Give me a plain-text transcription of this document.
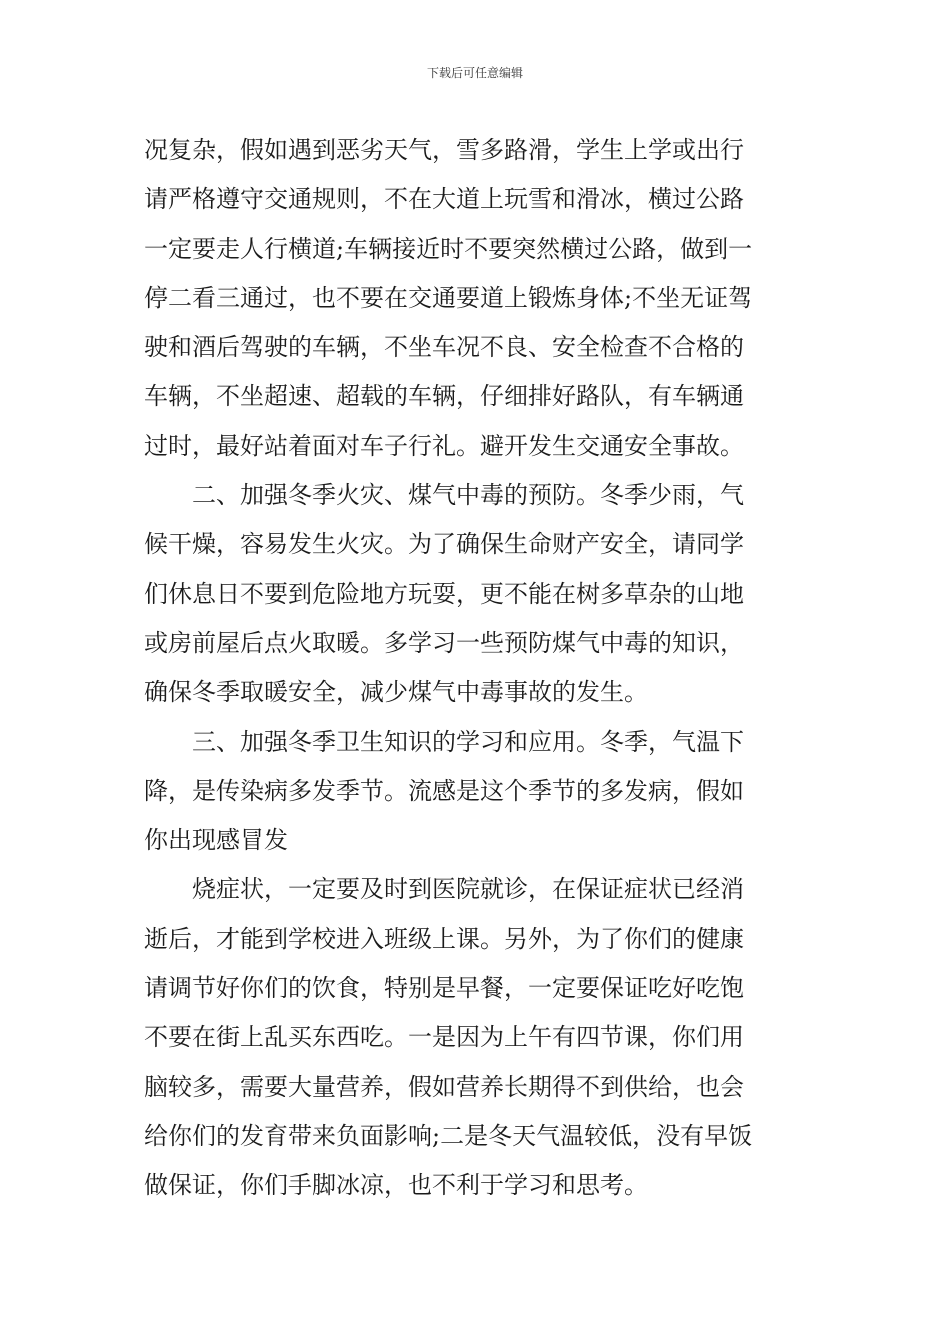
下载后可任意编辑
况复杂，假如遇到恶劣天气，雪多路滑，学生上学或出行
请严格遵守交通规则，不在大道上玩雪和滑冰，横过公路
一定要走人行横道;车辆接近时不要突然横过公路，做到一
停二看三通过，也不要在交通要道上锻炼身体;不坐无证驾
驶和酒后驾驶的车辆，不坐车况不良、安全检查不合格的
车辆，不坐超速、超载的车辆，仔细排好路队，有车辆通
过时，最好站着面对车子行礼。避开发生交通安全事故。
二、加强冬季火灾、煤气中毒的预防。冬季少雨，气
候干燥，容易发生火灾。为了确保生命财产安全，请同学
们休息日不要到危险地方玩耍，更不能在树多草杂的山地
或房前屋后点火取暖。多学习一些预防煤气中毒的知识，
确保冬季取暖安全，减少煤气中毒事故的发生。
三、加强冬季卫生知识的学习和应用。冬季，气温下
降，是传染病多发季节。流感是这个季节的多发病，假如
你出现感冒发
烧症状，一定要及时到医院就诊，在保证症状已经消
逝后，才能到学校进入班级上课。另外，为了你们的健康
请调节好你们的饮食，特别是早餐，一定要保证吃好吃饱
不要在街上乱买东西吃。一是因为上午有四节课，你们用
脑较多，需要大量营养，假如营养长期得不到供给，也会
给你们的发育带来负面影响;二是冬天气温较低，没有早饭
做保证，你们手脚冰凉，也不利于学习和思考。
